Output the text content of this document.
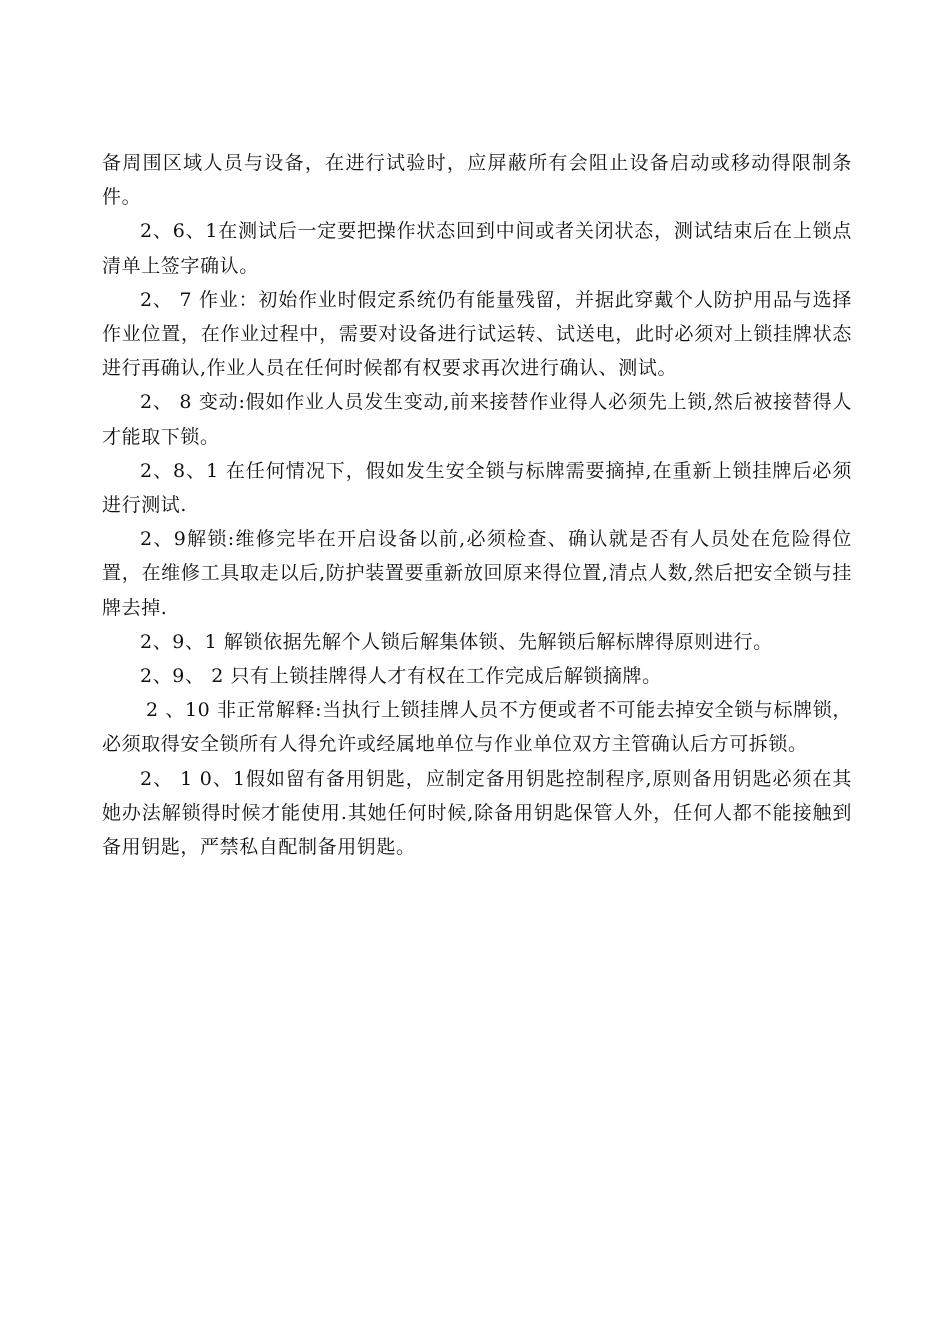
备周围区域人员与设备，在进行试验时，应屏蔽所有会阻止设备启动或移动得限制条件。

2、6、1在测试后一定要把操作状态回到中间或者关闭状态，测试结束后在上锁点清单上签字确认。

2、 7 作业：初始作业时假定系统仍有能量残留，并据此穿戴个人防护用品与选择作业位置，在作业过程中，需要对设备进行试运转、试送电，此时必须对上锁挂牌状态进行再确认,作业人员在任何时候都有权要求再次进行确认、测试。

2、 8 变动:假如作业人员发生变动,前来接替作业得人必须先上锁,然后被接替得人才能取下锁。

2、8、1 在任何情况下，假如发生安全锁与标牌需要摘掉,在重新上锁挂牌后必须进行测试.

2、9解锁:维修完毕在开启设备以前,必须检查、确认就是否有人员处在危险得位置，在维修工具取走以后,防护装置要重新放回原来得位置,清点人数,然后把安全锁与挂牌去掉.

2、9、1 解锁依据先解个人锁后解集体锁、先解锁后解标牌得原则进行。

2、9、 2 只有上锁挂牌得人才有权在工作完成后解锁摘牌。

2 、10 非正常解释:当执行上锁挂牌人员不方便或者不可能去掉安全锁与标牌锁，必须取得安全锁所有人得允许或经属地单位与作业单位双方主管确认后方可拆锁。

2、 1 0、1假如留有备用钥匙，应制定备用钥匙控制程序,原则备用钥匙必须在其她办法解锁得时候才能使用.其她任何时候,除备用钥匙保管人外，任何人都不能接触到备用钥匙，严禁私自配制备用钥匙。
